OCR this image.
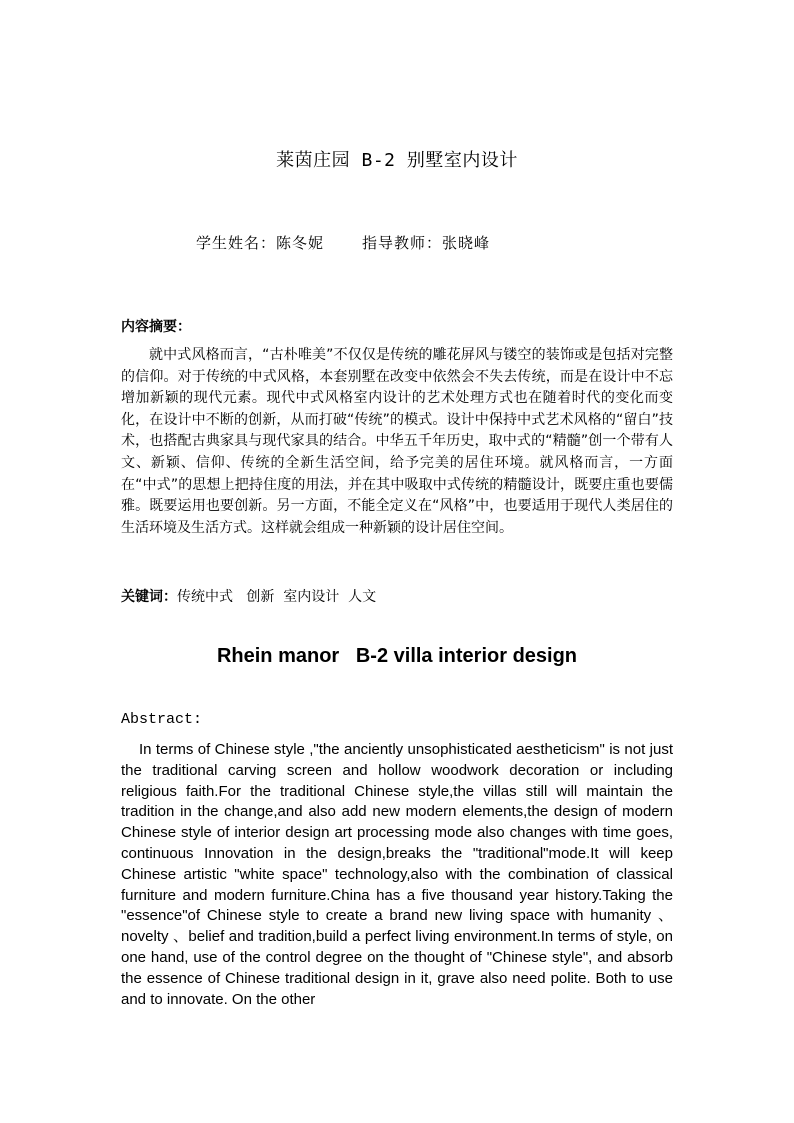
莱茵庄园 B-2 别墅室内设计
学生姓名：陈冬妮	指导教师：张晓峰
内容摘要：

就中式风格而言，“古朴唯美”不仅仅是传统的雕花屏风与镂空的装饰或是包括对完整的信仰。对于传统的中式风格，本套别墅在改变中依然会不失去传统，而是在设计中不忘增加新颖的现代元素。现代中式风格室内设计的艺术处理方式也在随着时代的变化而变化，在设计中不断的创新，从而打破“传统”的模式。设计中保持中式艺术风格的“留白”技术，也搭配古典家具与现代家具的结合。中华五千年历史，取中式的“精髓”创一个带有人文、新颖、信仰、传统的全新生活空间，给予完美的居住环境。就风格而言，一方面在“中式”的思想上把持住度的用法，并在其中吸取中式传统的精髓设计，既要庄重也要儒雅。既要运用也要创新。另一方面，不能全定义在“风格”中，也要适用于现代人类居住的生活环境及生活方式。这样就会组成一种新颖的设计居住空间。

关键词：传统中式   创新  室内设计  人文
Rhein manor   B-2 villa interior design
Abstract:

In terms of Chinese style ,"the anciently unsophisticated aestheticism" is not just the traditional carving screen and hollow woodwork decoration or including religious faith.For the traditional Chinese style,the villas still will maintain the tradition in the change,and also add new modern elements,the design of modern Chinese style of interior design art processing mode also changes with time goes, continuous Innovation in the design,breaks the "traditional"mode.It will keep Chinese artistic "white space" technology,also with the combination of classical furniture and modern furniture.China has a five thousand year history.Taking the "essence"of Chinese style to create a brand new living space with humanity 、novelty 、belief and tradition,build a perfect living environment.In terms of style, on one hand, use of the control degree on the thought of "Chinese style", and absorb the essence of Chinese traditional design in it, grave also need polite. Both to use and to innovate. On the other
